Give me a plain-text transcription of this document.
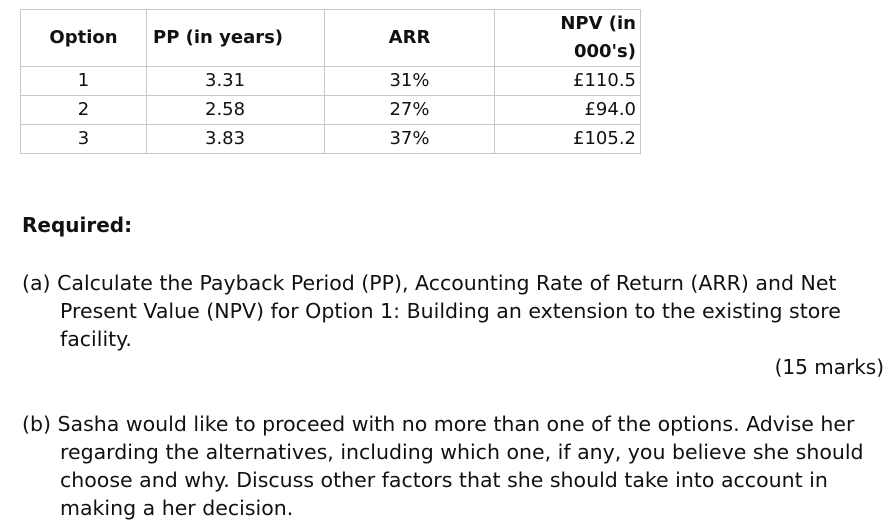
Option	PP (in years)	ARR	NPV (in 000's)
1	3.31	31%	£110.5
2	2.58	27%	£94.0
3	3.83	37%	£105.2

Required:

(a) Calculate the Payback Period (PP), Accounting Rate of Return (ARR) and Net Present Value (NPV) for Option 1: Building an extension to the existing store facility.

(15 marks)

(b) Sasha would like to proceed with no more than one of the options. Advise her regarding the alternatives, including which one, if any, you believe she should choose and why. Discuss other factors that she should take into account in making a her decision.
